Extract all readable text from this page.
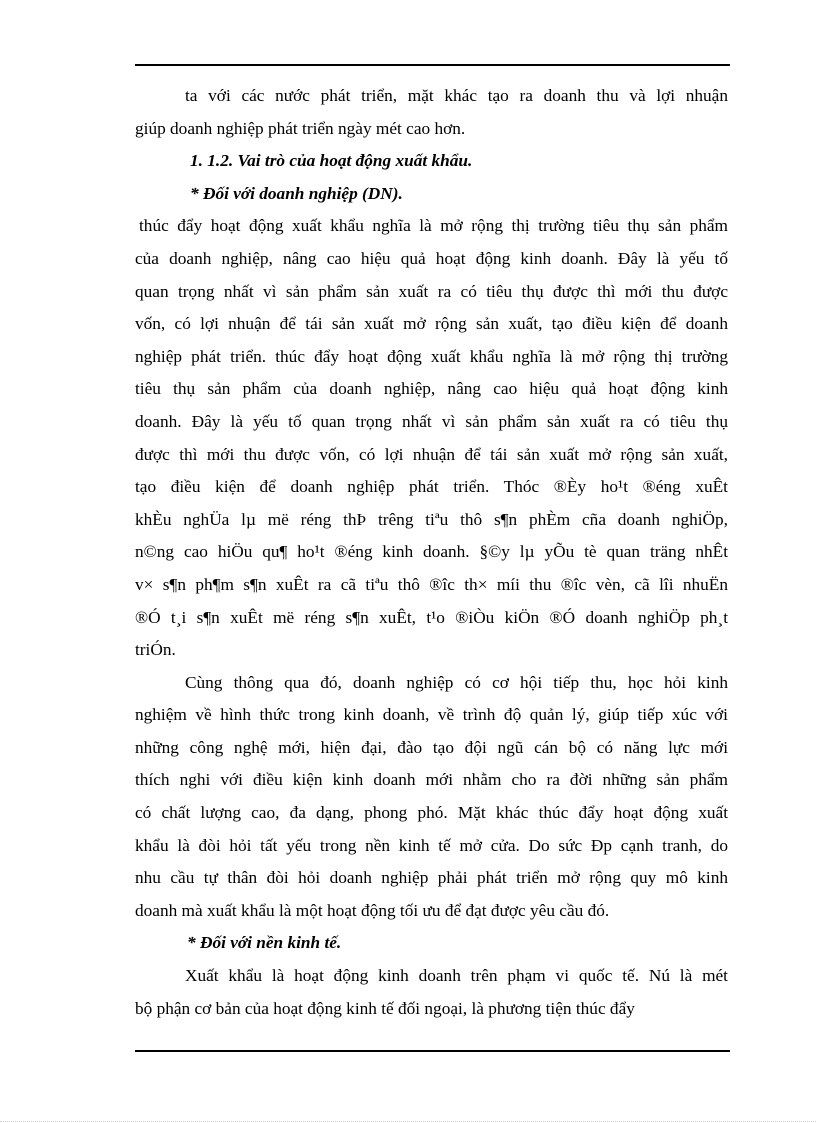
ta với các nước phát triển, mặt khác tạo ra doanh thu và lợi nhuận
giúp doanh nghiệp phát triển ngày mét cao hơn.
1. 1.2. Vai trò của hoạt động xuất khẩu.
* Đối với doanh nghiệp (DN).
thúc đẩy hoạt động xuất khẩu nghĩa là mở rộng thị trường tiêu thụ sản phẩm
của doanh nghiệp, nâng cao hiệu quả hoạt động kinh doanh. Đây là yếu tố
quan trọng nhất vì sản phẩm sản xuất ra có tiêu thụ được thì mới thu được
vốn, có lợi nhuận để tái sản xuất mở rộng sản xuất, tạo điều kiện để doanh
nghiệp phát triển. thúc đẩy hoạt động xuất khẩu nghĩa là mở rộng thị trường
tiêu thụ sản phẩm của doanh nghiệp, nâng cao hiệu quả hoạt động kinh
doanh. Đây là yếu tố quan trọng nhất vì sản phẩm sản xuất ra có tiêu thụ
được thì mới thu được vốn, có lợi nhuận để tái sản xuất mở rộng sản xuất,
tạo điều kiện để doanh nghiệp phát triển. Thóc ®Èy ho¹t ®éng xuÊt
khÈu nghÜa lµ më réng thÞ trêng tiªu thô s¶n phÈm cña doanh nghiÖp,
n©ng cao hiÖu qu¶ ho¹t ®éng kinh doanh. §©y lµ yÕu tè quan träng nhÊt
v× s¶n ph¶m s¶n xuÊt ra cã tiªu thô ®îc th× míi thu ®îc vèn, cã lîi nhuËn
®Ó t¸i s¶n xuÊt më réng s¶n xuÊt, t¹o ®iÒu kiÖn ®Ó doanh nghiÖp ph¸t
triÓn.
Cùng thông qua đó, doanh nghiệp có cơ hội tiếp thu, học hỏi kinh
nghiệm về hình thức trong kinh doanh, về trình độ quản lý, giúp tiếp xúc với
những công nghệ mới, hiện đại, đào tạo đội ngũ cán bộ có năng lực mới
thích nghi với điều kiện kinh doanh mới nhằm cho ra đời những sản phẩm
có chất lượng cao, đa dạng, phong phó. Mặt khác thúc đẩy hoạt động xuất
khẩu là đòi hỏi tất yếu trong nền kinh tế mở cửa. Do sức Ðp cạnh tranh, do
nhu cầu tự thân đòi hỏi doanh nghiệp phải phát triển mở rộng quy mô kinh
doanh mà xuất khẩu là một hoạt động tối ưu để đạt được yêu cầu đó.
* Đối với nền kinh tế.
Xuất khẩu là hoạt động kinh doanh trên phạm vi quốc tế. Nú là mét
bộ phận cơ bản của hoạt động kinh tế đối ngoại, là phương tiện thúc đẩy
